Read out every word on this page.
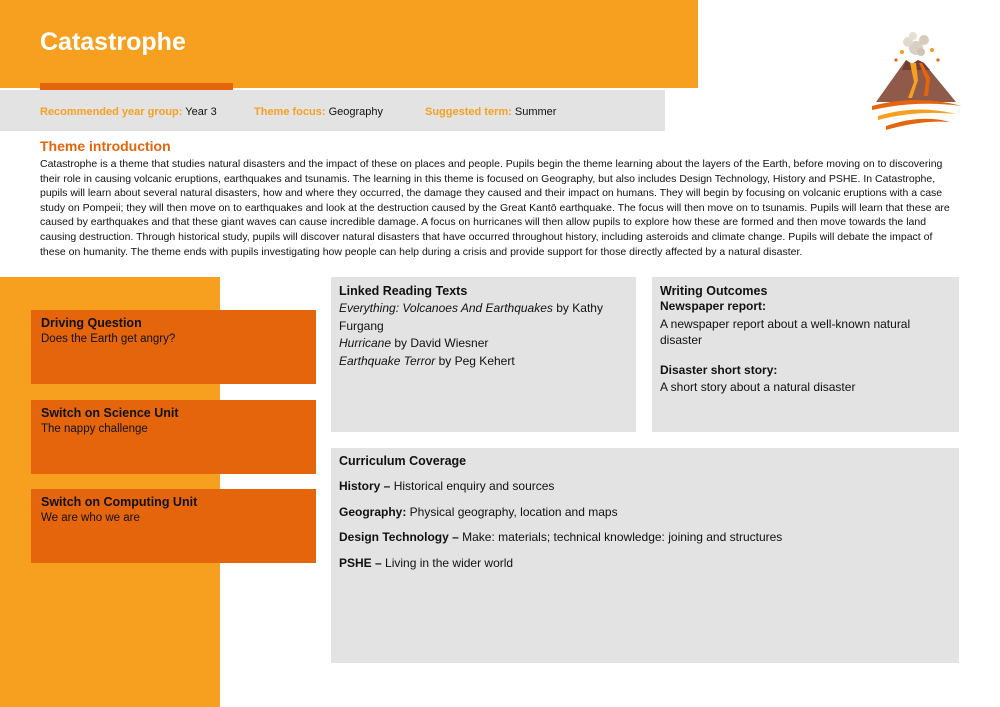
Catastrophe
Recommended year group: Year 3	Theme focus: Geography	Suggested term: Summer
Theme introduction
Catastrophe is a theme that studies natural disasters and the impact of these on places and people. Pupils begin the theme learning about the layers of the Earth, before moving on to discovering their role in causing volcanic eruptions, earthquakes and tsunamis. The learning in this theme is focused on Geography, but also includes Design Technology, History and PSHE. In Catastrophe, pupils will learn about several natural disasters, how and where they occurred, the damage they caused and their impact on humans. They will begin by focusing on volcanic eruptions with a case study on Pompeii; they will then move on to earthquakes and look at the destruction caused by the Great Kantō earthquake. The focus will then move on to tsunamis. Pupils will learn that these are caused by earthquakes and that these giant waves can cause incredible damage. A focus on hurricanes will then allow pupils to explore how these are formed and then move towards the land causing destruction. Through historical study, pupils will discover natural disasters that have occurred throughout history, including asteroids and climate change. Pupils will debate the impact of these on humanity. The theme ends with pupils investigating how people can help during a crisis and provide support for those directly affected by a natural disaster.
Driving Question
Does the Earth get angry?
Switch on Science Unit
The nappy challenge
Switch on Computing Unit
We are who we are
Linked Reading Texts
Everything: Volcanoes And Earthquakes by Kathy Furgang
Hurricane by David Wiesner
Earthquake Terror by Peg Kehert
Writing Outcomes
Newspaper report:
A newspaper report about a well-known natural disaster
Disaster short story:
A short story about a natural disaster
Curriculum Coverage
History – Historical enquiry and sources
Geography: Physical geography, location and maps
Design Technology – Make: materials; technical knowledge: joining and structures
PSHE – Living in the wider world
